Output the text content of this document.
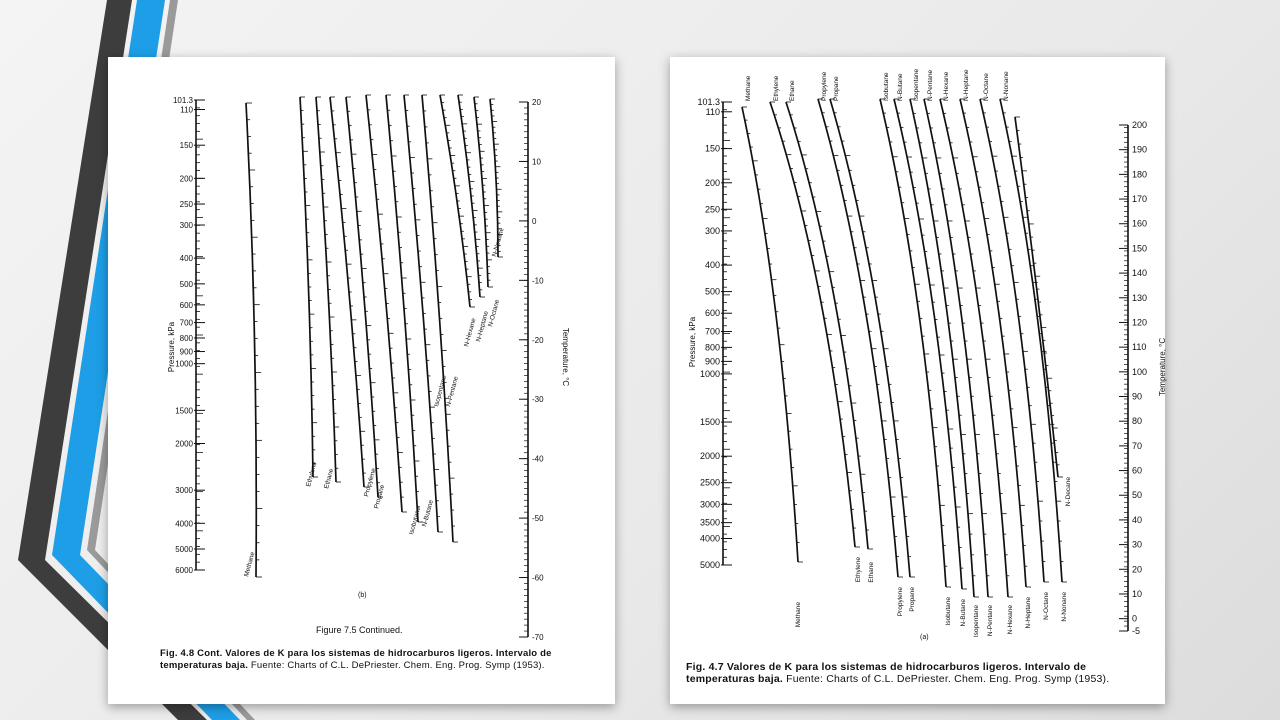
101.3
110
150
200
250
300
400
500
600
700
800
900
1000
1500
2000
3000
4000
5000
6000
20
10
0
-10
-20
-30
-40
-50
-60
-70
Pressure, kPa	Temperature, °C
Methane
Ethylene Ethane	Propylene
Propane
Isobutane
N-Butane
Isopentane
N-Pentane
N-Hexane
N-Heptane
N-Octane
N-Nonane
(b)
Figure 7.5 Continued.
Fig. 4.8 Cont. Valores de K para los sistemas de hidrocarburos ligeros. Intervalo de temperaturas baja. Fuente: Charts of C.L. DePriester. Chem. Eng. Prog. Symp (1953).
101.3
110
150
200
250
300
400
500
600
700
800
900
1000
1500
2000
2500
3000
3500
4000
5000
200
190
180
170
160
150
140
130
120
110
100
90
80
70
60
50
40
30
20
10
0
-5
Pressure, kPa	Temperature, °C
Methane	Ethylene Ethane	Propylene Propane	Isobutane N-Butane Isopentane N-Pentane N-Hexane N-Heptane N-Octane N-Nonane
Methane
Ethylene Ethane
Propylene Propane	Isobutane N-Butane Isopentane N-Pentane N-Hexane N-Heptane N-Octane N-Nonane
N-Decane
(a)
Fig. 4.7 Valores de K para los sistemas de hidrocarburos ligeros. Intervalo de temperaturas baja. Fuente: Charts of C.L. DePriester. Chem. Eng. Prog. Symp (1953).
